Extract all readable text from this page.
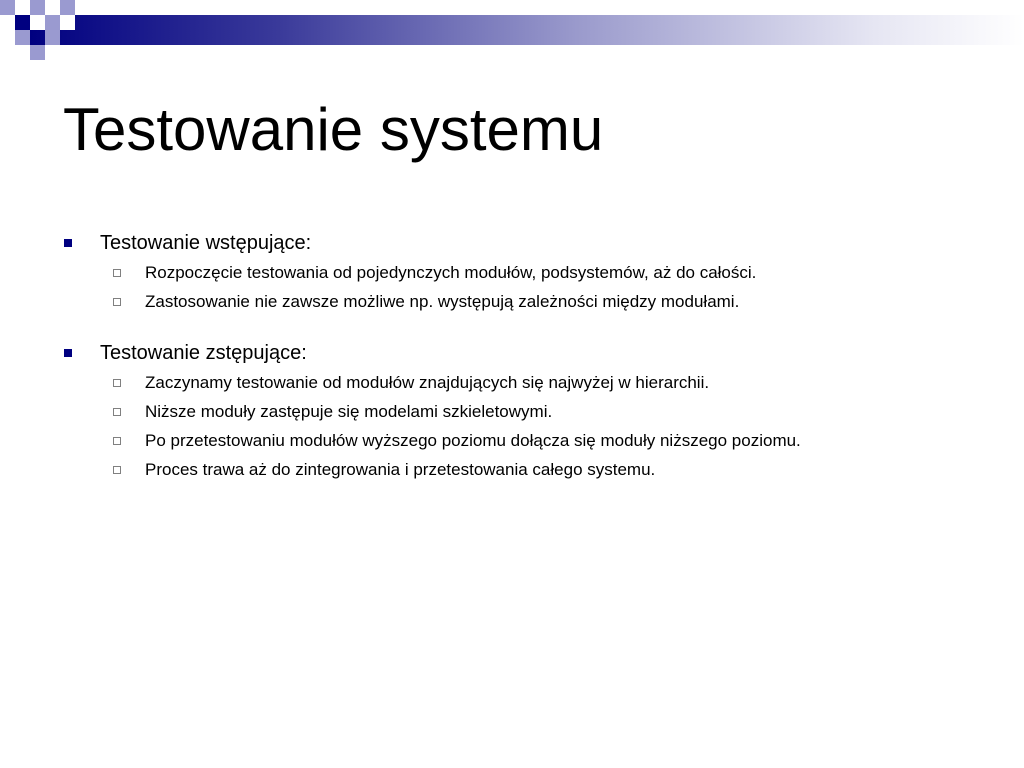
Testowanie systemu
Testowanie wstępujące:
Rozpoczęcie testowania od pojedynczych modułów, podsystemów, aż do całości.
Zastosowanie nie zawsze możliwe np. występują zależności między modułami.
Testowanie zstępujące:
Zaczynamy testowanie od modułów znajdujących się najwyżej w hierarchii.
Niższe moduły zastępuje się modelami szkieletowymi.
Po przetestowaniu modułów wyższego poziomu dołącza się moduły niższego poziomu.
Proces trawa aż do zintegrowania i przetestowania całego systemu.
